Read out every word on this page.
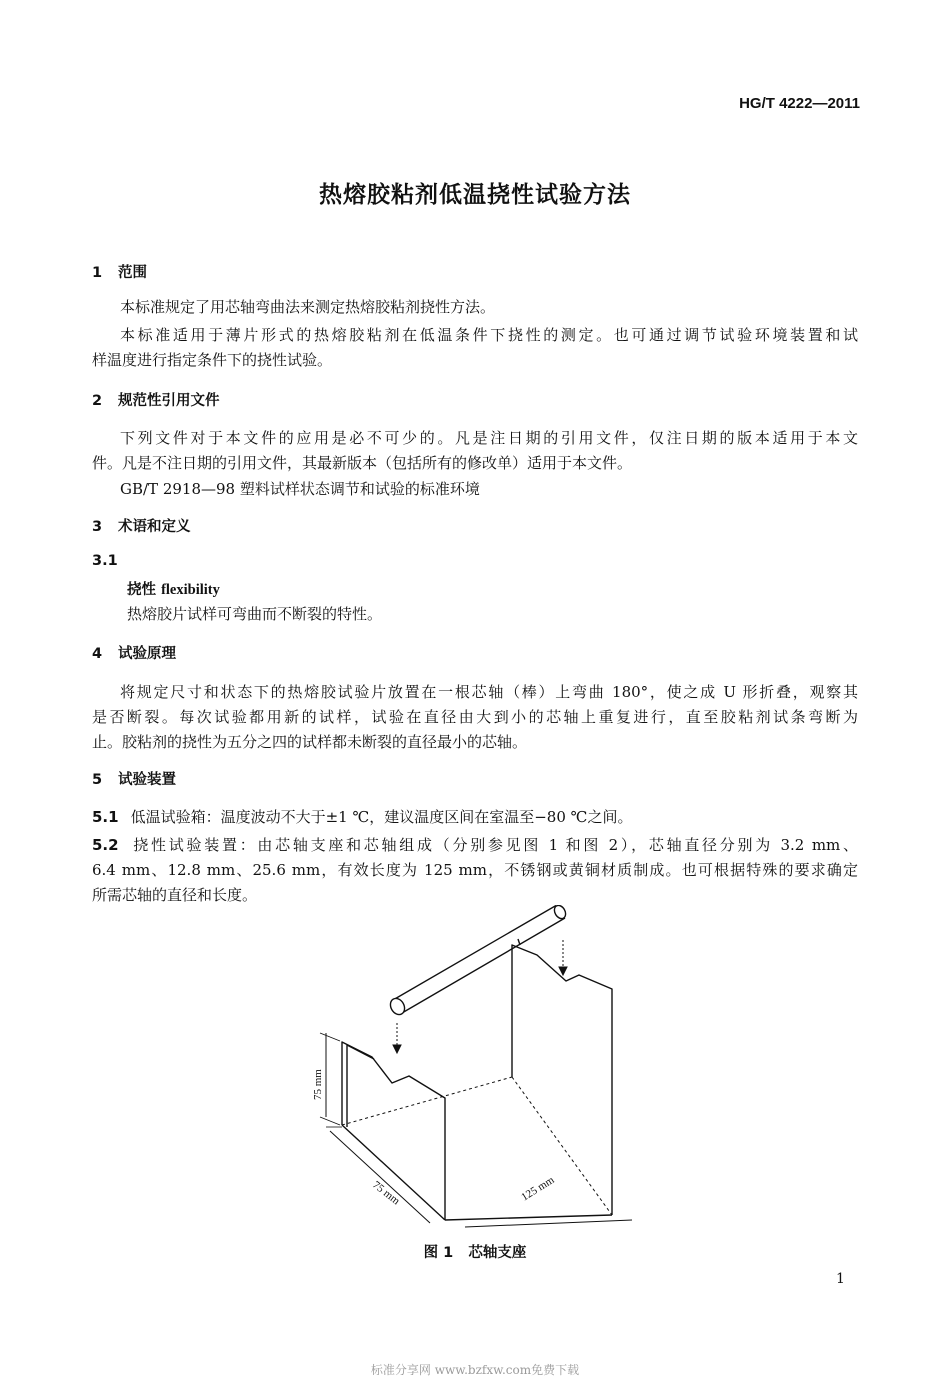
HG/T 4222—2011
热熔胶粘剂低温挠性试验方法
1 范围
本标准规定了用芯轴弯曲法来测定热熔胶粘剂挠性方法。
本标准适用于薄片形式的热熔胶粘剂在低温条件下挠性的测定。也可通过调节试验环境装置和试
样温度进行指定条件下的挠性试验。
2 规范性引用文件
下列文件对于本文件的应用是必不可少的。凡是注日期的引用文件，仅注日期的版本适用于本文
件。凡是不注日期的引用文件，其最新版本（包括所有的修改单）适用于本文件。
GB/T 2918—98 塑料试样状态调节和试验的标准环境
3 术语和定义
3.1
挠性 flexibility
热熔胶片试样可弯曲而不断裂的特性。
4 试验原理
将规定尺寸和状态下的热熔胶试验片放置在一根芯轴（棒）上弯曲 180°，使之成 U 形折叠，观察其
是否断裂。每次试验都用新的试样，试验在直径由大到小的芯轴上重复进行，直至胶粘剂试条弯断为
止。胶粘剂的挠性为五分之四的试样都未断裂的直径最小的芯轴。
5 试验装置
5.1 低温试验箱：温度波动不大于±1 ℃，建议温度区间在室温至−80 ℃之间。
5.2 挠性试验装置：由芯轴支座和芯轴组成（分别参见图 1 和图 2），芯轴直径分别为 3.2 mm、
6.4 mm、12.8 mm、25.6 mm，有效长度为 125 mm，不锈钢或黄铜材质制成。也可根据特殊的要求确定
所需芯轴的直径和长度。
75 mm
75 mm	125 mm
图 1 芯轴支座
1
标准分享网 www.bzfxw.com免费下载
